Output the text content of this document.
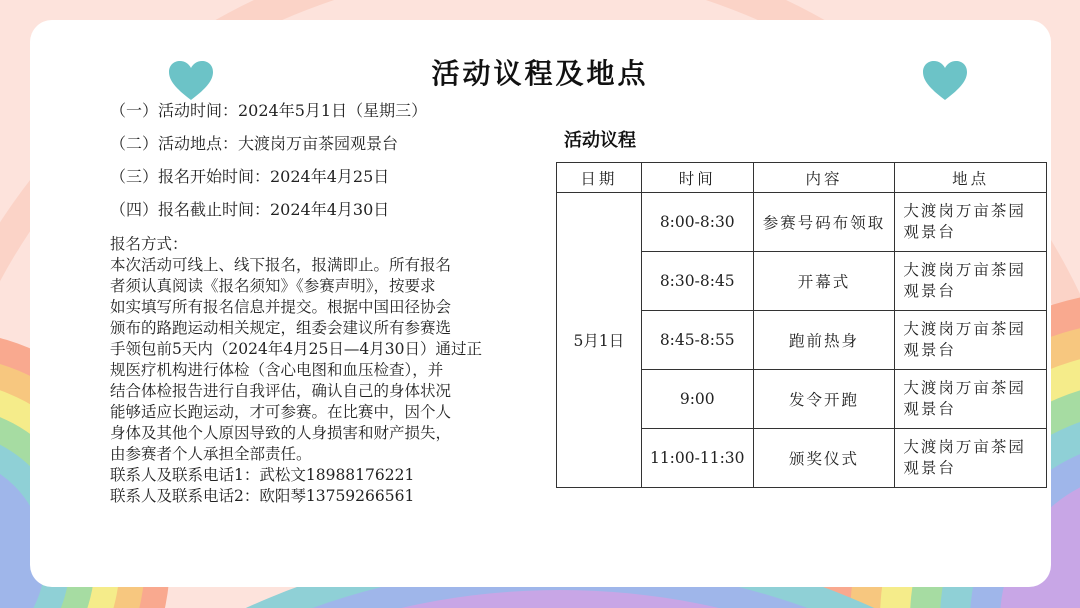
活动议程及地点
（一）活动时间：2024年5月1日（星期三）
（二）活动地点：大渡岗万亩茶园观景台
（三）报名开始时间：2024年4月25日
（四）报名截止时间：2024年4月30日
报名方式：
本次活动可线上、线下报名，报满即止。所有报名
者须认真阅读《报名须知》《参赛声明》，按要求
如实填写所有报名信息并提交。根据中国田径协会
颁布的路跑运动相关规定，组委会建议所有参赛选
手领包前5天内（2024年4月25日—4月30日）通过正
规医疗机构进行体检（含心电图和血压检查），并
结合体检报告进行自我评估，确认自己的身体状况
能够适应长跑运动，才可参赛。在比赛中，因个人
身体及其他个人原因导致的人身损害和财产损失，
由参赛者个人承担全部责任。
联系人及联系电话1：武松文18988176221
联系人及联系电话2：欧阳琴13759266561
活动议程
日期	时间	内容	地点
5月1日	8:00-8:30	参赛号码布领取	大渡岗万亩茶园观景台
	8:30-8:45	开幕式	大渡岗万亩茶园观景台
	8:45-8:55	跑前热身	大渡岗万亩茶园观景台
	9:00	发令开跑	大渡岗万亩茶园观景台
	11:00-11:30	颁奖仪式	大渡岗万亩茶园观景台
